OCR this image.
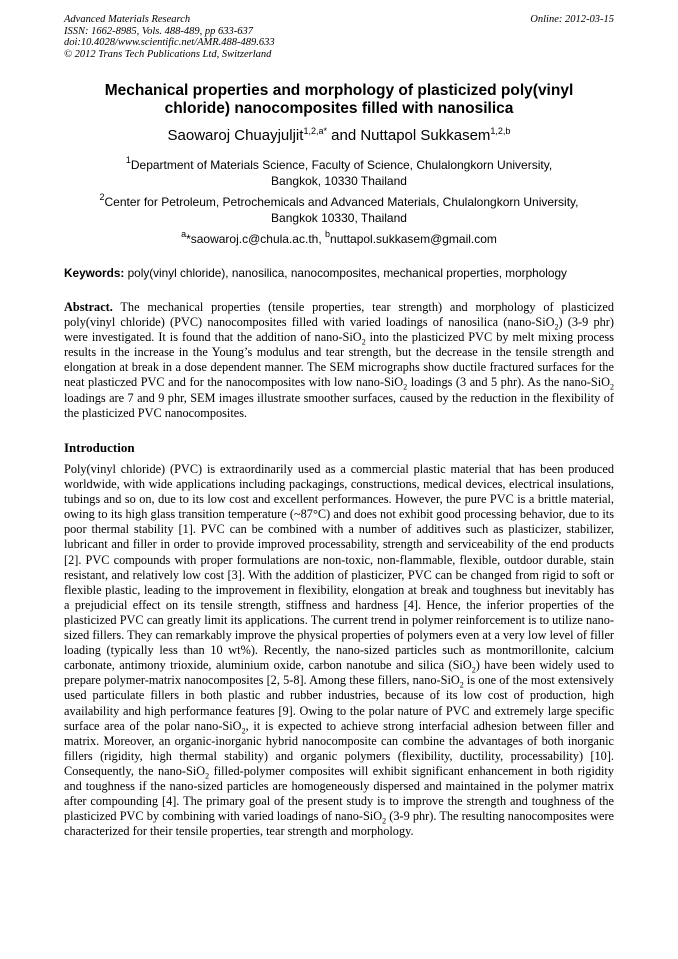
Advanced Materials Research
ISSN: 1662-8985, Vols. 488-489, pp 633-637
doi:10.4028/www.scientific.net/AMR.488-489.633
© 2012 Trans Tech Publications Ltd, Switzerland
Online: 2012-03-15
Mechanical properties and morphology of plasticized poly(vinyl
chloride) nanocomposites filled with nanosilica
Saowaroj Chuayjuljit$^{1,2,a*}$ and Nuttapol Sukkasem$^{1,2,b}$
$^1$Department of Materials Science, Faculty of Science, Chulalongkorn University,
Bangkok, 10330 Thailand
$^2$Center for Petroleum, Petrochemicals and Advanced Materials, Chulalongkorn University,
Bangkok 10330, Thailand
$^a$*saowaroj.c@chula.ac.th, $^b$nuttapol.sukkasem@gmail.com
Keywords: poly(vinyl chloride), nanosilica, nanocomposites, mechanical properties, morphology
Abstract. The mechanical properties (tensile properties, tear strength) and morphology of plasticized poly(vinyl chloride) (PVC) nanocomposites filled with varied loadings of nanosilica (nano-SiO$_2$) (3-9 phr) were investigated. It is found that the addition of nano-SiO$_2$ into the plasticized PVC by melt mixing process results in the increase in the Young’s modulus and tear strength, but the decrease in the tensile strength and elongation at break in a dose dependent manner. The SEM micrographs show ductile fractured surfaces for the neat plasticzed PVC and for the nanocomposites with low nano-SiO$_2$ loadings (3 and 5 phr). As the nano-SiO$_2$ loadings are 7 and 9 phr, SEM images illustrate smoother surfaces, caused by the reduction in the flexibility of the plasticized PVC nanocomposites.
Introduction
Poly(vinyl chloride) (PVC) is extraordinarily used as a commercial plastic material that has been produced worldwide, with wide applications including packagings, constructions, medical devices, electrical insulations, tubings and so on, due to its low cost and excellent performances. However, the pure PVC is a brittle material, owing to its high glass transition temperature (~87°C) and does not exhibit good processing behavior, due to its poor thermal stability [1]. PVC can be combined with a number of additives such as plasticizer, stabilizer, lubricant and filler in order to provide improved processability, strength and serviceability of the end products [2]. PVC compounds with proper formulations are non-toxic, non-flammable, flexible, outdoor durable, stain resistant, and relatively low cost [3]. With the addition of plasticizer, PVC can be changed from rigid to soft or flexible plastic, leading to the improvement in flexibility, elongation at break and toughness but inevitably has a prejudicial effect on its tensile strength, stiffness and hardness [4]. Hence, the inferior properties of the plasticized PVC can greatly limit its applications. The current trend in polymer reinforcement is to utilize nano-sized fillers. They can remarkably improve the physical properties of polymers even at a very low level of filler loading (typically less than 10 wt%). Recently, the nano-sized particles such as montmorillonite, calcium carbonate, antimony trioxide, aluminium oxide, carbon nanotube and silica (SiO$_2$) have been widely used to prepare polymer-matrix nanocomposites [2, 5-8]. Among these fillers, nano-SiO$_2$ is one of the most extensively used particulate fillers in both plastic and rubber industries, because of its low cost of production, high availability and high performance features [9]. Owing to the polar nature of PVC and extremely large specific surface area of the polar nano-SiO$_2$, it is expected to achieve strong interfacial adhesion between filler and matrix. Moreover, an organic-inorganic hybrid nanocomposite can combine the advantages of both inorganic fillers (rigidity, high thermal stability) and organic polymers (flexibility, ductility, processability) [10]. Consequently, the nano-SiO$_2$ filled-polymer composites will exhibit significant enhancement in both rigidity and toughness if the nano-sized particles are homogeneously dispersed and maintained in the polymer matrix after compounding [4]. The primary goal of the present study is to improve the strength and toughness of the plasticized PVC by combining with varied loadings of nano-SiO$_2$ (3-9 phr). The resulting nanocomposites were characterized for their tensile properties, tear strength and morphology.
